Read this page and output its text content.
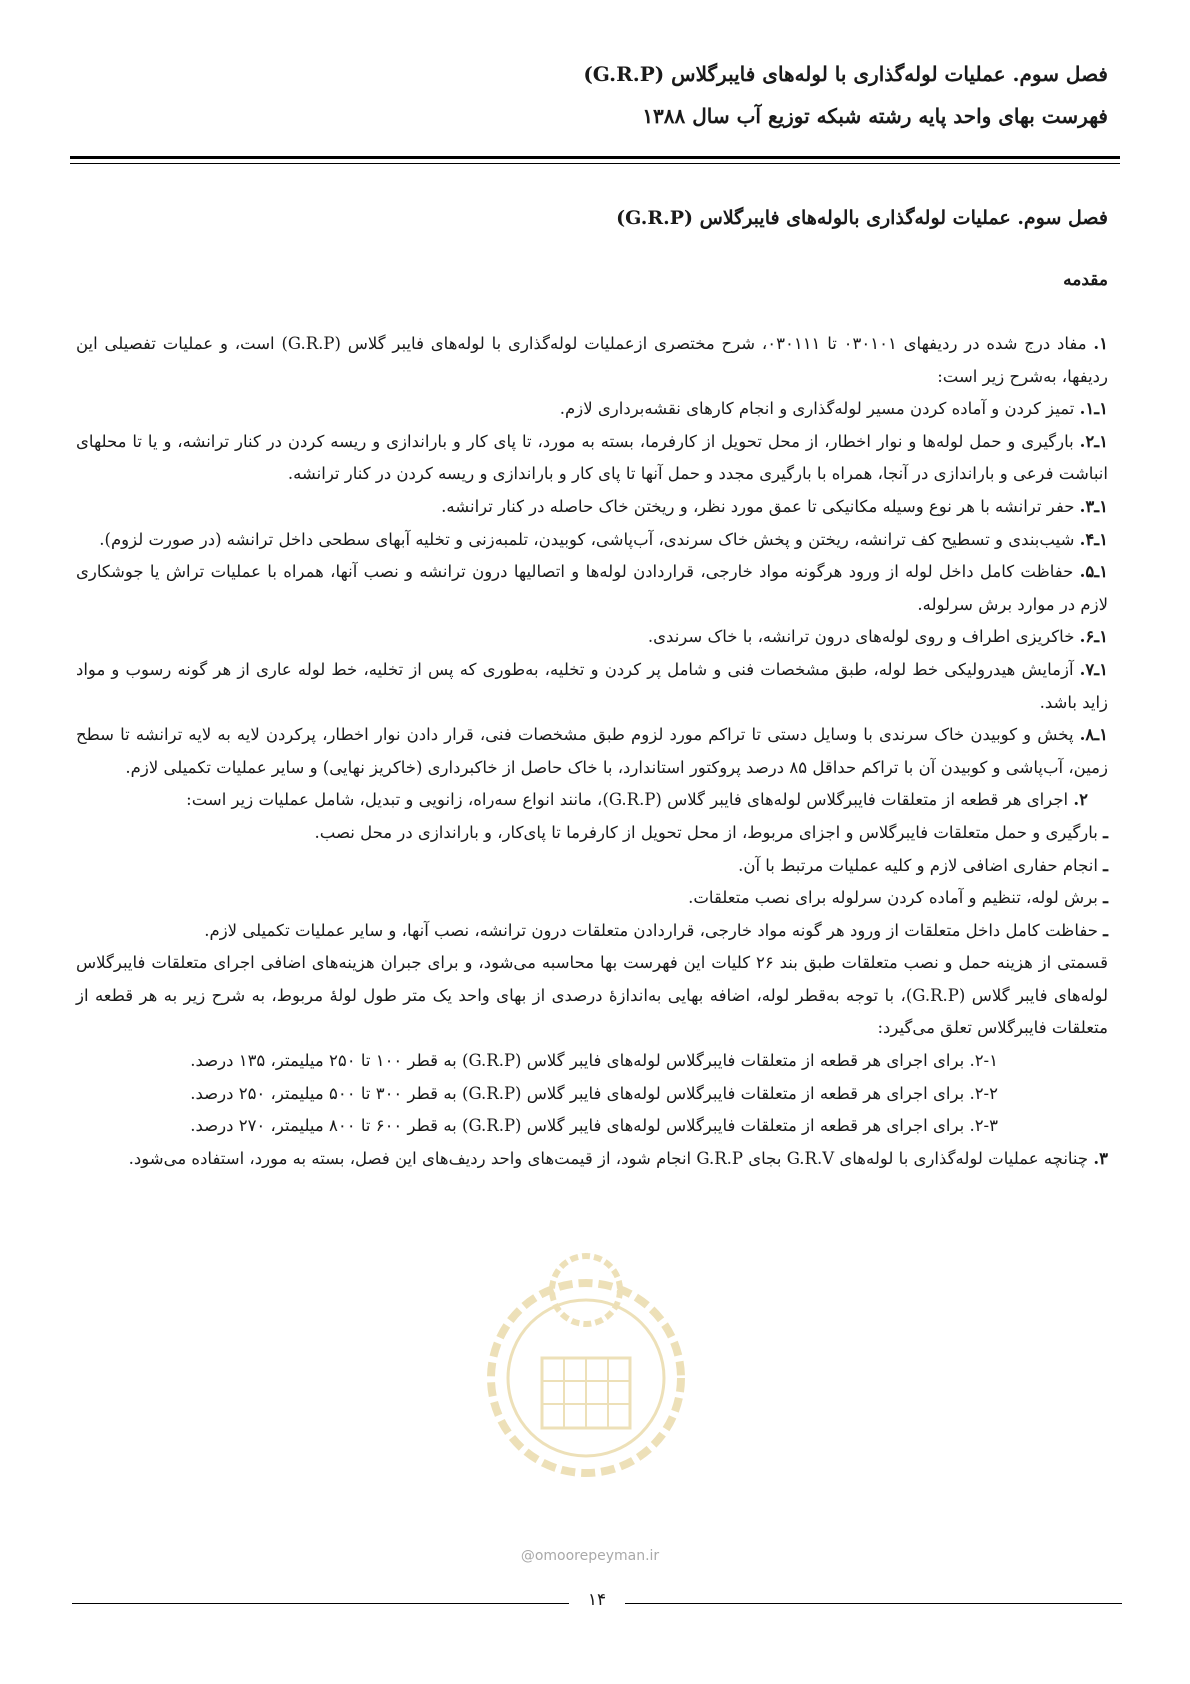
فصل سوم. عملیات لوله‌گذاری با لوله‌های فایبرگلاس (G.R.P)
فهرست بهای واحد پایه رشته شبکه توزیع آب سال ۱۳۸۸
فصل سوم. عملیات لوله‌گذاری بالوله‌های فایبرگلاس (G.R.P)
مقدمه

۱. مفاد درج شده در ردیفهای ۰۳۰۱۰۱ تا ۰۳۰۱۱۱، شرح مختصری ازعملیات لوله‌گذاری با لوله‌های فایبر گلاس (G.R.P) است، و عملیات تفصیلی این ردیفها، به‌شرح زیر است:

۱ـ۱. تمیز کردن و آماده کردن مسیر لوله‌گذاری و انجام کارهای نقشه‌برداری لازم.

۱ـ۲. بارگیری و حمل لوله‌ها و نوار اخطار، از محل تحویل از کارفرما، بسته به مورد، تا پای کار و باراندازی و ریسه کردن در کنار ترانشه، و یا تا محلهای انباشت فرعی و باراندازی در آنجا، همراه با بارگیری مجدد و حمل آنها تا پای کار و باراندازی و ریسه کردن در کنار ترانشه.

۱ـ۳. حفر ترانشه با هر نوع وسیله مکانیکی تا عمق مورد نظر، و ریختن خاک حاصله در کنار ترانشه.

۱ـ۴. شیب‌بندی و تسطیح کف ترانشه، ریختن و پخش خاک سرندی، آب‌پاشی، کوبیدن، تلمبه‌زنی و تخلیه آبهای سطحی داخل ترانشه (در صورت لزوم).

۱ـ۵. حفاظت کامل داخل لوله از ورود هرگونه مواد خارجی، قراردادن لوله‌ها و اتصالیها درون ترانشه و نصب آنها، همراه با عملیات تراش یا جوشکاری لازم در موارد برش سرلوله.

۱ـ۶. خاکریزی اطراف و روی لوله‌های درون ترانشه، با خاک سرندی.

۱ـ۷. آزمایش هیدرولیکی خط لوله، طبق مشخصات فنی و شامل پر کردن و تخلیه، به‌طوری که پس از تخلیه، خط لوله عاری از هر گونه رسوب و مواد زاید باشد.

۱ـ۸. پخش و کوبیدن خاک سرندی با وسایل دستی تا تراکم مورد لزوم طبق مشخصات فنی، قرار دادن نوار اخطار، پرکردن لایه به لایه ترانشه تا سطح زمین، آب‌پاشی و کوبیدن آن با تراکم حداقل ۸۵ درصد پروکتور استاندارد، با خاک حاصل از خاکبرداری (خاکریز نهایی) و سایر عملیات تکمیلی لازم.

۲. اجرای هر قطعه از متعلقات فایبرگلاس لوله‌های فایبر گلاس (G.R.P)، مانند انواع سه‌راه، زانویی و تبدیل، شامل عملیات زیر است:

ـ بارگیری و حمل متعلقات فایبرگلاس و اجزای مربوط، از محل تحویل از کارفرما تا پای‌کار، و باراندازی در محل نصب.

ـ انجام حفاری اضافی لازم و کلیه عملیات مرتبط با آن.

ـ برش لوله، تنظیم و آماده کردن سرلوله برای نصب متعلقات.

ـ حفاظت کامل داخل متعلقات از ورود هر گونه مواد خارجی، قراردادن متعلقات درون ترانشه، نصب آنها، و سایر عملیات تکمیلی لازم.

قسمتی از هزینه حمل و نصب متعلقات طبق بند ۲۶ کلیات این فهرست بها محاسبه می‌شود، و برای جبران هزینه‌های اضافی اجرای متعلقات فایبرگلاس لوله‌های فایبر گلاس (G.R.P)، با توجه به‌قطر لوله، اضافه بهایی به‌اندازهٔ درصدی از بهای واحد یک متر طول لولهٔ مربوط، به شرح زیر به هر قطعه از متعلقات فایبرگلاس تعلق می‌گیرد:

۲-۱. برای اجرای هر قطعه از متعلقات فایبرگلاس لوله‌های فایبر گلاس (G.R.P) به قطر ۱۰۰ تا ۲۵۰ میلیمتر، ۱۳۵ درصد.

۲-۲. برای اجرای هر قطعه از متعلقات فایبرگلاس لوله‌های فایبر گلاس (G.R.P) به قطر ۳۰۰ تا ۵۰۰ میلیمتر، ۲۵۰ درصد.

۲-۳. برای اجرای هر قطعه از متعلقات فایبرگلاس لوله‌های فایبر گلاس (G.R.P) به قطر ۶۰۰ تا ۸۰۰ میلیمتر، ۲۷۰ درصد.

۳. چنانچه عملیات لوله‌گذاری با لوله‌های G.R.V بجای G.R.P انجام شود، از قیمت‌های واحد ردیف‌های این فصل، بسته به مورد، استفاده می‌شود.

@omoorepeyman.ir
۱۴
